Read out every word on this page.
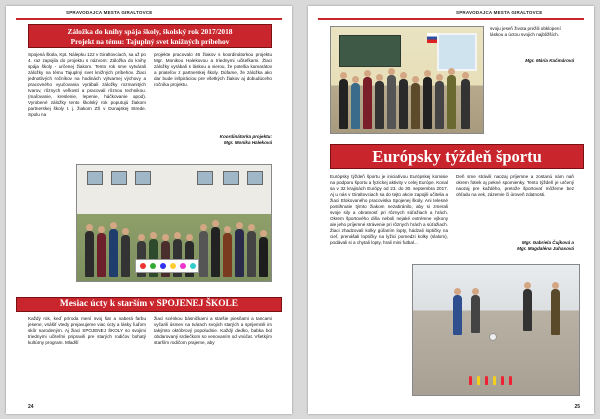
SPRAVODAJCA MESTA GIRALTOVCE
Záložka do knihy spája školy, školský rok 2017/2018
Projekt na tému: Tajuplný svet knižných príbehov
Spojená škola, Kpt. Nálepku 122 v Giraltovciach, sa už po 4. raz zapojila do projektu s názvom: Záložka do knihy spája školy - určenej žiakom. Tento rok sme vytvárali záložky na tému Tajuplný svet knižných príbehov. Žiaci jednotlivých ročníkov na hodinách výtvarnej výchovy a pracovného vyučovania vyrábali záložky rozmanitých tvarov, rôznych veľkostí a pracovali rôznou technikou. (maľovanie, kreslenie, lepenie, háčkovanie apod). Vyrobené záložky tento školský rok poputujú žiakom partnerskej školy t. j. žiakom ZŠ v Dunajskej Strede. Spolu na
projekte pracovalo 46 žiakov s koordinátorkou projektu Mgr. Monikou Halekovou a triednymi učiteľkami. Žiaci záložky vyrábali s láskou a vierou, že potešia kamarátov a priateľov z partnerskej školy. Dúfame, že záložka ako dar bude inšpiráciou pre všetkých žiakov aj dobudúceho ročníka projektu.
Koordinátorka projektu:
Mgr. Monika Haleková
Mesiac úcty k starším v SPOJENEJ ŠKOLE
Každý rok, keď príroda mení svoj šat a naberá farbu jesene, vnášiť vtedy prejavujeme viac úcty a lásky ľuďom skôr narodeným. Aj žiaci SPOJENEJ ŠKOLY so svojimi triednymi učiteľmi pripravili pre starých rodičov bohatý kultúrny program. Mladší
žiaci scénkou básničkami a staršie piesňami a tancami vyčarili úsmev na tvárach svojich starých a sprijemnili im takýmto októbrový popoludnie. Každý dedko, babka bol obdarovaný srdiečkom so venovaním od vnúčat. Všetkým starším rodičom prajeme, aby
24
SPRAVODAJCA MESTA GIRALTOVCE
svoju jeseň života prežili obklopení láskou a úctou svojich najbližších.
Mgr. Mária Kačmárová
Európsky týždeň športu
Európsky týždeň športu je iniciatívou Európskej komisie na podporu športu a fyzickej aktivity v celej Európe. Konal sa v 32 krajinách Európy od 23. do 30. septembra 2017. Aj u nás v Giraltovciach sa do tejto akcie zapojili učitelia a žiaci Elokovaného pracoviska Spojenej školy. Ani telesné postihnutie týmto žiakom nezabránilo, aby si zmerali svoje sily a obratnosť pri rôznych súťažiach a hrách. Okrem športového diňa neboli nejaké extrémne výkony ale jeho príjemné strávenie pri rôznych hrách a súťažiach. Žiaci zhadzovali kolky gúľaním lopty, hádzali loptičky na cieľ, prenášali loptičky na lyžici pomedzi kolky (slalom), podávali si a chytali lopty, hrali mini futbal...
Deň sme strávili naozaj príjemne a zostanú nám naň okrem fotiek aj pekné spomienky. Tento týždeň je určený naozaj pre každého, pretože športovať môžeme bez ohľadu na vek, zázemie či úroveň zdatnosti.
Mgr. Gabriela Čujková a
Mgr. Magdaléna Juhasová
25
